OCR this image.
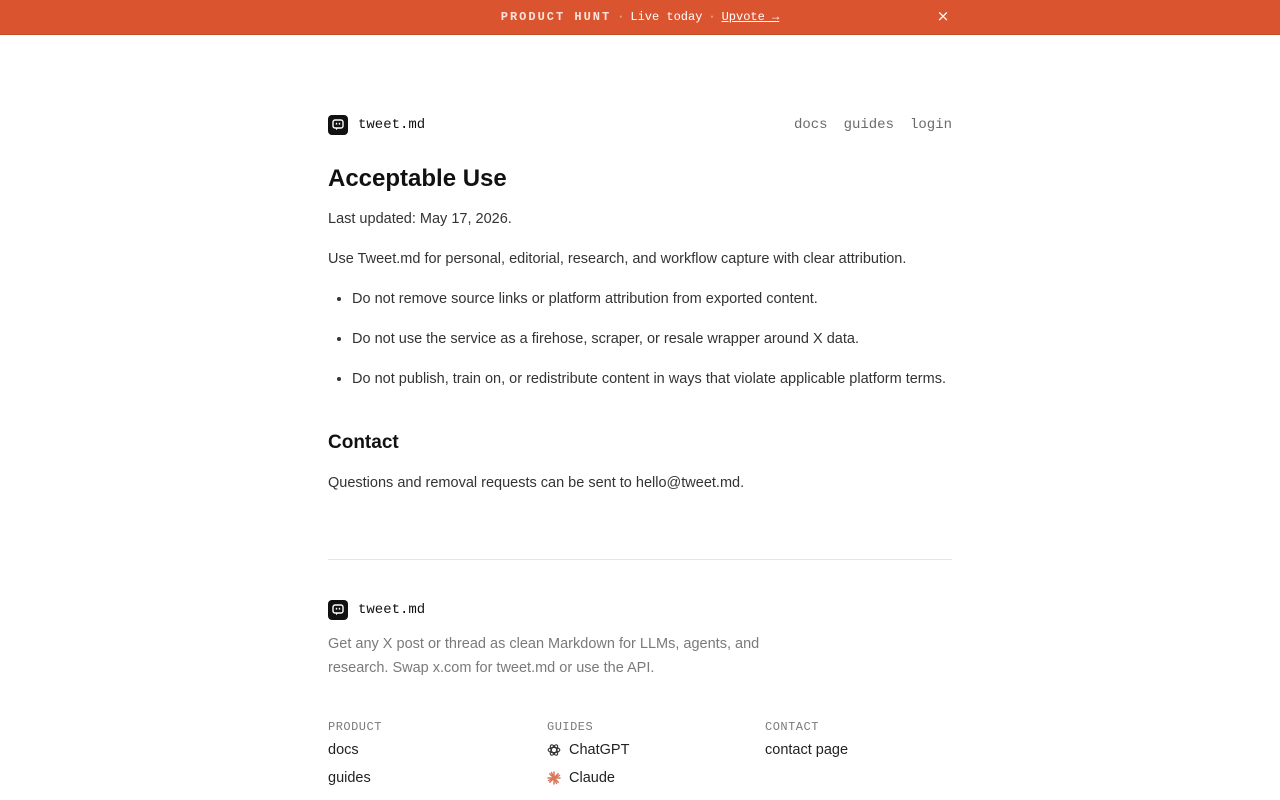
PRODUCT HUNT · Live today · Upvote →	×
tweet.md	docs guides login
Acceptable Use

Last updated: May 17, 2026.

Use Tweet.md for personal, editorial, research, and workflow capture with clear attribution.

• Do not remove source links or platform attribution from exported content.
• Do not use the service as a firehose, scraper, or resale wrapper around X data.
• Do not publish, train on, or redistribute content in ways that violate applicable platform terms.
Contact

Questions and removal requests can be sent to hello@tweet.md.

tweet.md

Get any X post or thread as clean Markdown for LLMs, agents, and research. Swap x.com for tweet.md or use the API.

PRODUCT
docs
guides
GUIDES
ChatGPT
Claude
CONTACT
contact page
